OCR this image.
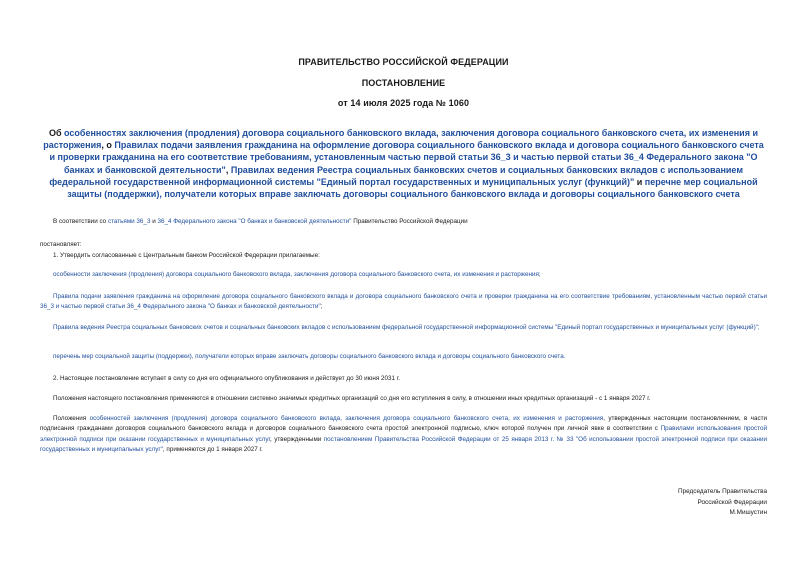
ПРАВИТЕЛЬСТВО РОССИЙСКОЙ ФЕДЕРАЦИИ
ПОСТАНОВЛЕНИЕ
от 14 июля 2025 года № 1060
Об особенностях заключения (продления) договора социального банковского вклада, заключения договора социального банковского счета, их изменения и расторжения, о Правилах подачи заявления гражданина на оформление договора социального банковского вклада и договора социального банковского счета и проверки гражданина на его соответствие требованиям, установленным частью первой статьи 36_3 и частью первой статьи 36_4 Федерального закона "О банках и банковской деятельности", Правилах ведения Реестра социальных банковских счетов и социальных банковских вкладов с использованием федеральной государственной информационной системы "Единый портал государственных и муниципальных услуг (функций)" и перечне мер социальной защиты (поддержки), получатели которых вправе заключать договоры социального банковского вклада и договоры социального банковского счета
В соответствии со статьями 36_3 и 36_4 Федерального закона "О банках и банковской деятельности" Правительство Российской Федерации
постановляет:
1. Утвердить согласованные с Центральным банком Российской Федерации прилагаемые:
особенности заключения (продления) договора социального банковского вклада, заключения договора социального банковского счета, их изменения и расторжения;
Правила подачи заявления гражданина на оформление договора социального банковского вклада и договора социального банковского счета и проверки гражданина на его соответствие требованиям, установленным частью первой статьи 36_3 и частью первой статьи 36_4 Федерального закона "О банках и банковской деятельности";
Правила ведения Реестра социальных банковских счетов и социальных банковских вкладов с использованием федеральной государственной информационной системы "Единый портал государственных и муниципальных услуг (функций)";
перечень мер социальной защиты (поддержки), получатели которых вправе заключать договоры социального банковского вклада и договоры социального банковского счета.
2. Настоящее постановление вступает в силу со дня его официального опубликования и действует до 30 июня 2031 г.
Положения настоящего постановления применяются в отношении системно значимых кредитных организаций со дня его вступления в силу, в отношении иных кредитных организаций - с 1 января 2027 г.
Положения особенностей заключения (продления) договора социального банковского вклада, заключения договора социального банковского счета, их изменения и расторжения, утвержденных настоящим постановлением, в части подписания гражданами договоров социального банковского вклада и договоров социального банковского счета простой электронной подписью, ключ которой получен при личной явке в соответствии с Правилами использования простой электронной подписи при оказании государственных и муниципальных услуг, утвержденными постановлением Правительства Российской Федерации от 25 января 2013 г. № 33 "Об использовании простой электронной подписи при оказании государственных и муниципальных услуг", применяются до 1 января 2027 г.
Председатель Правительства
Российской Федерации
М.Мишустин
